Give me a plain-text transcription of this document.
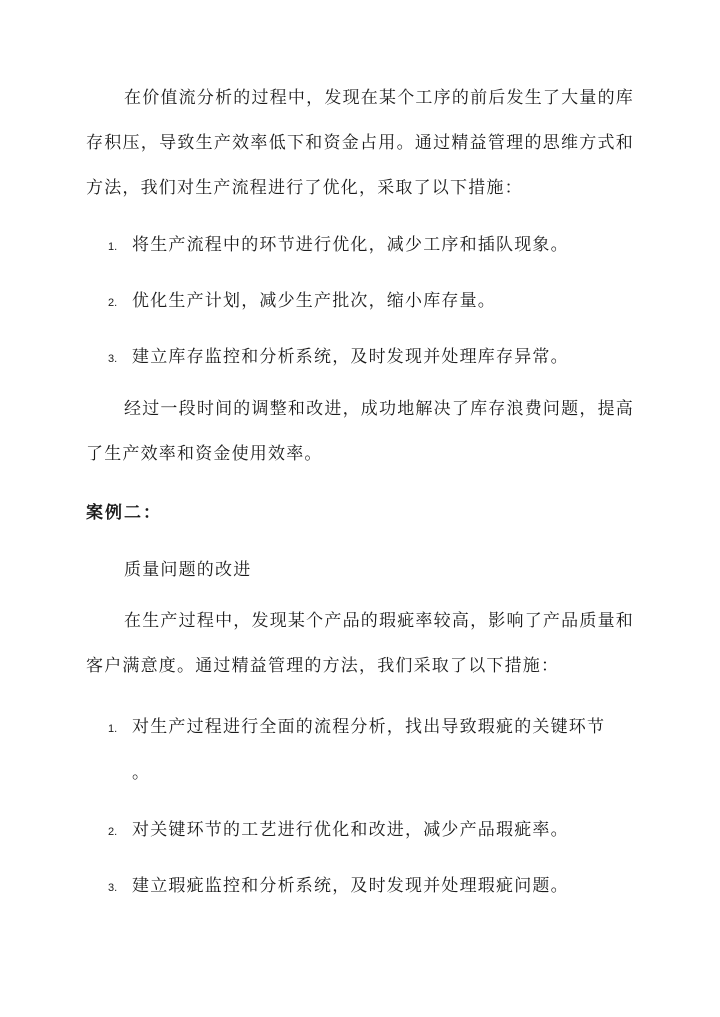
在价值流分析的过程中，发现在某个工序的前后发生了大量的库存积压，导致生产效率低下和资金占用。通过精益管理的思维方式和方法，我们对生产流程进行了优化，采取了以下措施：

1. 将生产流程中的环节进行优化，减少工序和插队现象。
2. 优化生产计划，减少生产批次，缩小库存量。
3. 建立库存监控和分析系统，及时发现并处理库存异常。

经过一段时间的调整和改进，成功地解决了库存浪费问题，提高了生产效率和资金使用效率。

案例二：

质量问题的改进

在生产过程中，发现某个产品的瑕疵率较高，影响了产品质量和客户满意度。通过精益管理的方法，我们采取了以下措施：

1. 对生产过程进行全面的流程分析，找出导致瑕疵的关键环节

。

2. 对关键环节的工艺进行优化和改进，减少产品瑕疵率。
3. 建立瑕疵监控和分析系统，及时发现并处理瑕疵问题。
